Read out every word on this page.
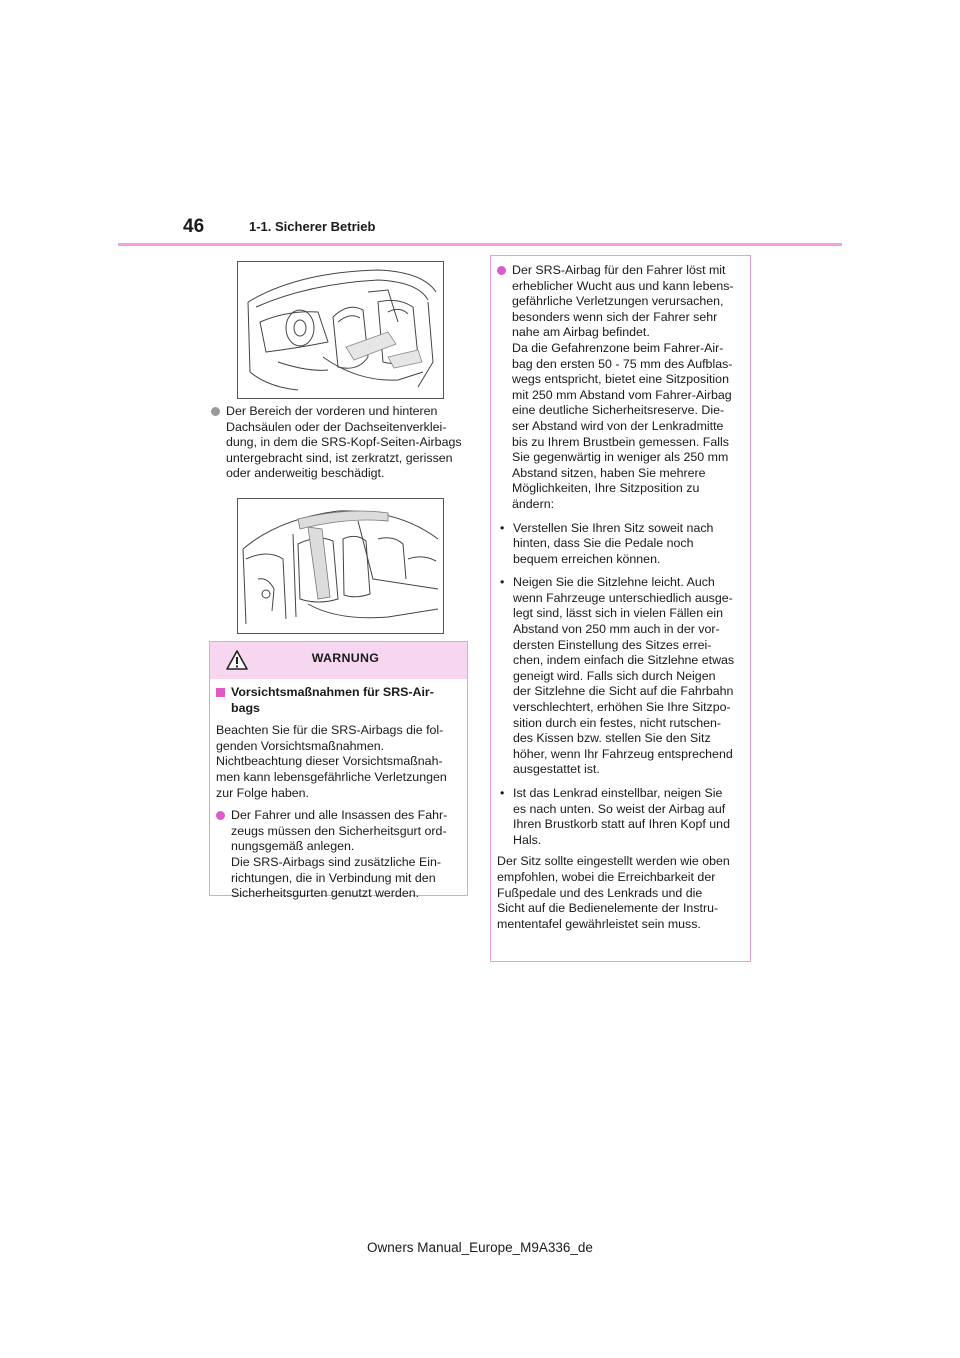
46	1-1. Sicherer Betrieb
Der Bereich der vorderen und hinteren
Dachsäulen oder der Dachseitenverklei-
dung, in dem die SRS-Kopf-Seiten-Airbags
untergebracht sind, ist zerkratzt, gerissen
oder anderweitig beschädigt.
WARNUNG
Vorsichtsmaßnahmen für SRS-Air-
bags
Beachten Sie für die SRS-Airbags die fol-
genden Vorsichtsmaßnahmen.
Nichtbeachtung dieser Vorsichtsmaßnah-
men kann lebensgefährliche Verletzungen
zur Folge haben.
Der Fahrer und alle Insassen des Fahr-
zeugs müssen den Sicherheitsgurt ord-
nungsgemäß anlegen.
Die SRS-Airbags sind zusätzliche Ein-
richtungen, die in Verbindung mit den
Sicherheitsgurten genutzt werden.
Der SRS-Airbag für den Fahrer löst mit
erheblicher Wucht aus und kann lebens-
gefährliche Verletzungen verursachen,
besonders wenn sich der Fahrer sehr
nahe am Airbag befindet.
Da die Gefahrenzone beim Fahrer-Air-
bag den ersten 50 - 75 mm des Aufblas-
wegs entspricht, bietet eine Sitzposition
mit 250 mm Abstand vom Fahrer-Airbag
eine deutliche Sicherheitsreserve. Die-
ser Abstand wird von der Lenkradmitte
bis zu Ihrem Brustbein gemessen. Falls
Sie gegenwärtig in weniger als 250 mm
Abstand sitzen, haben Sie mehrere
Möglichkeiten, Ihre Sitzposition zu
ändern:
• Verstellen Sie Ihren Sitz soweit nach
hinten, dass Sie die Pedale noch
bequem erreichen können.
• Neigen Sie die Sitzlehne leicht. Auch
wenn Fahrzeuge unterschiedlich ausge-
legt sind, lässt sich in vielen Fällen ein
Abstand von 250 mm auch in der vor-
dersten Einstellung des Sitzes errei-
chen, indem einfach die Sitzlehne etwas
geneigt wird. Falls sich durch Neigen
der Sitzlehne die Sicht auf die Fahrbahn
verschlechtert, erhöhen Sie Ihre Sitzpo-
sition durch ein festes, nicht rutschen-
des Kissen bzw. stellen Sie den Sitz
höher, wenn Ihr Fahrzeug entsprechend
ausgestattet ist.
• Ist das Lenkrad einstellbar, neigen Sie
es nach unten. So weist der Airbag auf
Ihren Brustkorb statt auf Ihren Kopf und
Hals.
Der Sitz sollte eingestellt werden wie oben
empfohlen, wobei die Erreichbarkeit der
Fußpedale und des Lenkrads und die
Sicht auf die Bedienelemente der Instru-
mententafel gewährleistet sein muss.
Owners Manual_Europe_M9A336_de
